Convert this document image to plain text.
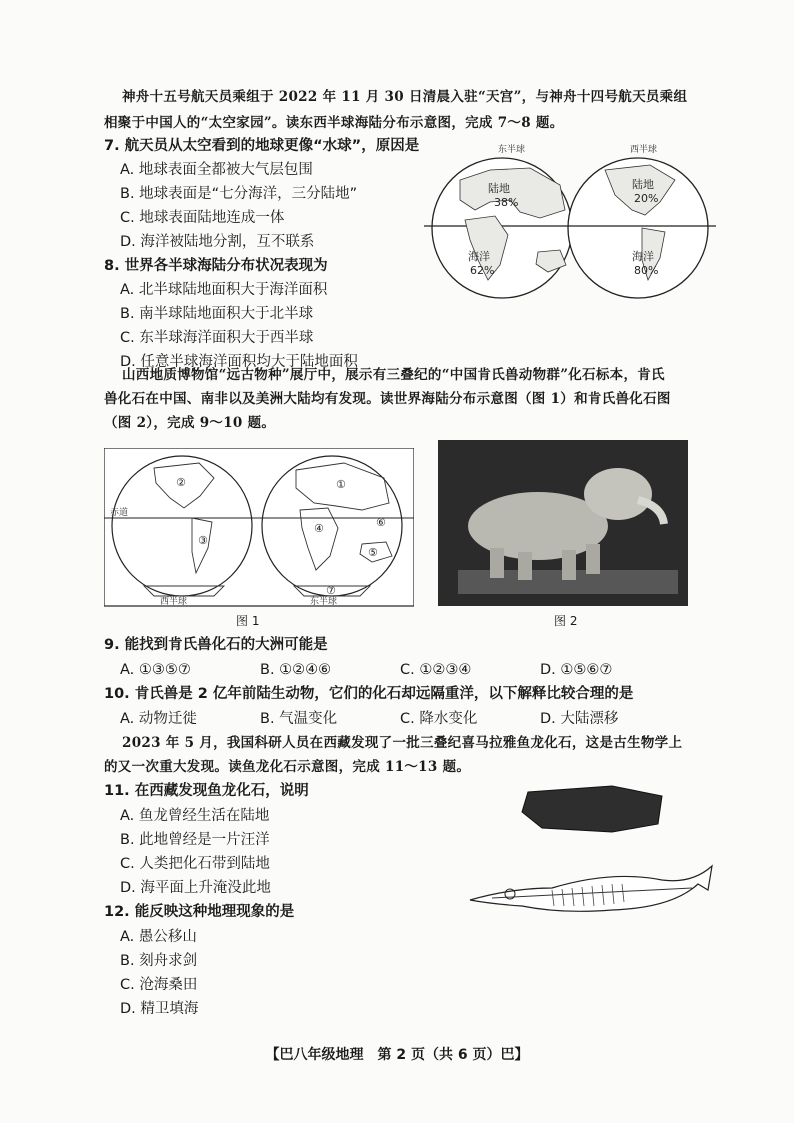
神舟十五号航天员乘组于 2022 年 11 月 30 日清晨入驻“天宫”，与神舟十四号航天员乘组
相聚于中国人的“太空家园”。读东西半球海陆分布示意图，完成 7～8 题。
7. 航天员从太空看到的地球更像“水球”，原因是
A. 地球表面全都被大气层包围
B. 地球表面是“七分海洋，三分陆地”
C. 地球表面陆地连成一体
D. 海洋被陆地分割，互不联系
8. 世界各半球海陆分布状况表现为
A. 北半球陆地面积大于海洋面积
B. 南半球陆地面积大于北半球
C. 东半球海洋面积大于西半球
D. 任意半球海洋面积均大于陆地面积
东半球	西半球
陆地
38%
海洋
62%
陆地
20%
海洋
80%
山西地质博物馆“远古物种”展厅中，展示有三叠纪的“中国肯氏兽动物群”化石标本，肯氏
兽化石在中国、南非以及美洲大陆均有发现。读世界海陆分布示意图（图 1）和肯氏兽化石图
（图 2），完成 9～10 题。
赤道
①
②
③
④
⑤
⑥
⑦
西半球	东半球
图 1	图 2
9. 能找到肯氏兽化石的大洲可能是
A. ①③⑤⑦	B. ①②④⑥	C. ①②③④	D. ①⑤⑥⑦
10. 肯氏兽是 2 亿年前陆生动物，它们的化石却远隔重洋，以下解释比较合理的是
A. 动物迁徙	B. 气温变化	C. 降水变化	D. 大陆漂移
2023 年 5 月，我国科研人员在西藏发现了一批三叠纪喜马拉雅鱼龙化石，这是古生物学上
的又一次重大发现。读鱼龙化石示意图，完成 11～13 题。
11. 在西藏发现鱼龙化石，说明
A. 鱼龙曾经生活在陆地
B. 此地曾经是一片汪洋
C. 人类把化石带到陆地
D. 海平面上升淹没此地
12. 能反映这种地理现象的是
A. 愚公移山
B. 刻舟求剑
C. 沧海桑田
D. 精卫填海
【巴八年级地理　第 2 页（共 6 页）巴】
